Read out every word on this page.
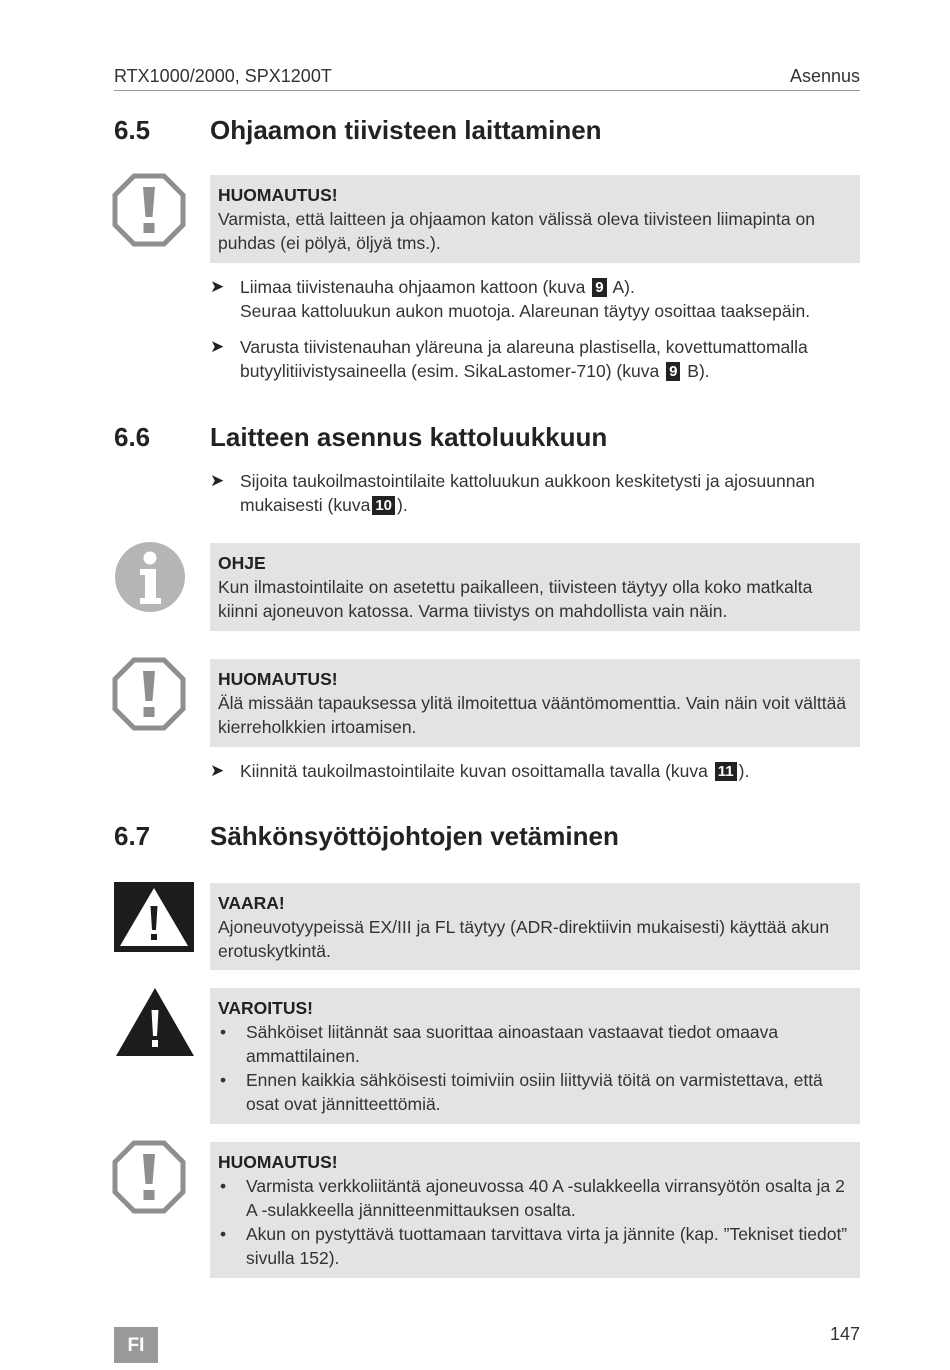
RTX1000/2000, SPX1200T	Asennus
6.5 Ohjaamon tiivisteen laittaminen
HUOMAUTUS!
Varmista, että laitteen ja ohjaamon katon välissä oleva tiivisteen liimapinta on puhdas (ei pölyä, öljyä tms.).
➤ Liimaa tiivistenauha ohjaamon kattoon (kuva 9 A).
Seuraa kattoluukun aukon muotoja. Alareunan täytyy osoittaa taaksepäin.
➤ Varusta tiivistenauhan yläreuna ja alareuna plastisella, kovettumattomalla butyylitiivistysaineella (esim. SikaLastomer-710) (kuva 9 B).
6.6 Laitteen asennus kattoluukkuun
➤ Sijoita taukoilmastointilaite kattoluukun aukkoon keskitetysti ja ajosuunnan mukaisesti (kuva 10 ).
OHJE
Kun ilmastointilaite on asetettu paikalleen, tiivisteen täytyy olla koko matkalta kiinni ajoneuvon katossa. Varma tiivistys on mahdollista vain näin.
HUOMAUTUS!
Älä missään tapauksessa ylitä ilmoitettua vääntömomenttia. Vain näin voit välttää kierreholkkien irtoamisen.
➤ Kiinnitä taukoilmastointilaite kuvan osoittamalla tavalla (kuva 11 ).
6.7 Sähkönsyöttöjohtojen vetäminen
VAARA!
Ajoneuvotyypeissä EX/III ja FL täytyy (ADR-direktiivin mukaisesti) käyttää akun erotuskytkintä.
VAROITUS!
• Sähköiset liitännät saa suorittaa ainoastaan vastaavat tiedot omaava ammattilainen.
• Ennen kaikkia sähköisesti toimiviin osiin liittyviä töitä on varmistettava, että osat ovat jännitteettömiä.
HUOMAUTUS!
• Varmista verkkoliitäntä ajoneuvossa 40 A -sulakkeella virransyötön osalta ja 2 A -sulakkeella jännitteenmittauksen osalta.
• Akun on pystyttävä tuottamaan tarvittava virta ja jännite (kap. ”Tekniset tiedot” sivulla 152).
FI
147
